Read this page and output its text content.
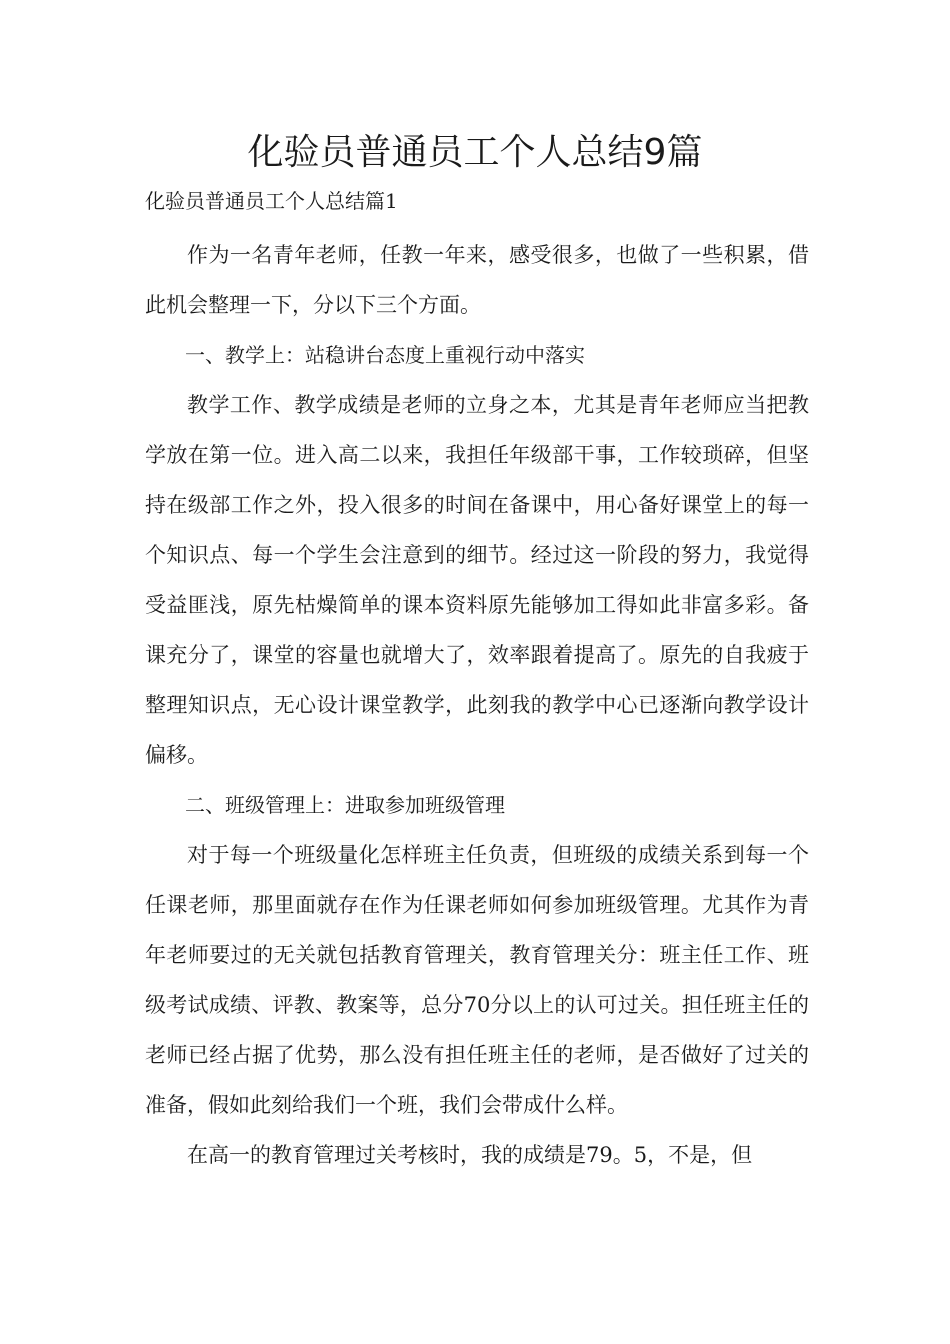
化验员普通员工个人总结9篇

化验员普通员工个人总结篇1

作为一名青年老师，任教一年来，感受很多，也做了一些积累，借此机会整理一下，分以下三个方面。

一、教学上：站稳讲台态度上重视行动中落实

教学工作、教学成绩是老师的立身之本，尤其是青年老师应当把教学放在第一位。进入高二以来，我担任年级部干事，工作较琐碎，但坚持在级部工作之外，投入很多的时间在备课中，用心备好课堂上的每一个知识点、每一个学生会注意到的细节。经过这一阶段的努力，我觉得受益匪浅，原先枯燥简单的课本资料原先能够加工得如此非富多彩。备课充分了，课堂的容量也就增大了，效率跟着提高了。原先的自我疲于整理知识点，无心设计课堂教学，此刻我的教学中心已逐渐向教学设计偏移。

二、班级管理上：进取参加班级管理

对于每一个班级量化怎样班主任负责，但班级的成绩关系到每一个任课老师，那里面就存在作为任课老师如何参加班级管理。尤其作为青年老师要过的无关就包括教育管理关，教育管理关分：班主任工作、班级考试成绩、评教、教案等，总分70分以上的认可过关。担任班主任的老师已经占据了优势，那么没有担任班主任的老师，是否做好了过关的准备，假如此刻给我们一个班，我们会带成什么样。

在高一的教育管理过关考核时，我的成绩是79。5，不是，但
